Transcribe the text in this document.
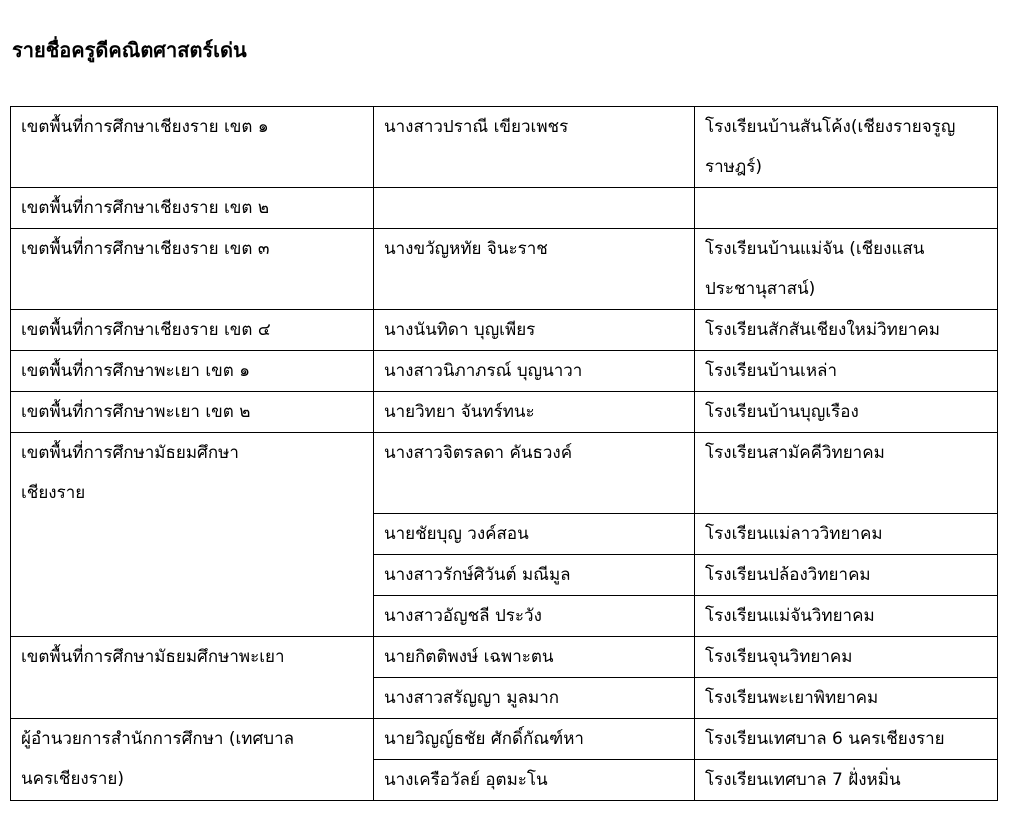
รายชื่อครูดีคณิตศาสตร์เด่น
เขตพื้นที่การศึกษาเชียงราย เขต ๑	นางสาวปราณี เขียวเพชร	โรงเรียนบ้านสันโค้ง(เชียงรายจรูญ
ราษฎร์)

เขตพื้นที่การศึกษาเชียงราย เขต ๒		
เขตพื้นที่การศึกษาเชียงราย เขต ๓	นางขวัญหทัย จินะราช	โรงเรียนบ้านแม่จัน (เชียงแสน
ประชานุสาสน์)

เขตพื้นที่การศึกษาเชียงราย เขต ๔	นางนันทิดา บุญเพียร	โรงเรียนสักสันเชียงใหม่วิทยาคม
เขตพื้นที่การศึกษาพะเยา เขต ๑	นางสาวนิภาภรณ์ บุญนาวา	โรงเรียนบ้านเหล่า
เขตพื้นที่การศึกษาพะเยา เขต ๒	นายวิทยา จันทร์ทนะ	โรงเรียนบ้านบุญเรือง

เขตพื้นที่การศึกษามัธยมศึกษา
เชียงราย	นางสาวจิตรลดา คันธวงค์	โรงเรียนสามัคคีวิทยาคม
	นายชัยบุญ วงค์สอน	โรงเรียนแม่ลาววิทยาคม
	นางสาวรักษ์ศิวันต์ มณีมูล	โรงเรียนปล้องวิทยาคม
	นางสาวอัญชลี ประวัง	โรงเรียนแม่จันวิทยาคม
เขตพื้นที่การศึกษามัธยมศึกษาพะเยา	นายกิตติพงษ์ เฉพาะตน	โรงเรียนจุนวิทยาคม
	นางสาวสรัญญา มูลมาก	โรงเรียนพะเยาพิทยาคม

ผู้อำนวยการสำนักการศึกษา (เทศบาล
นครเชียงราย)	นายวิญญ์ธชัย ศักดิ์กัณฑ์หา	โรงเรียนเทศบาล 6 นครเชียงราย
	นางเครือวัลย์ อุตมะโน	โรงเรียนเทศบาล 7 ฝั่งหมิ่น
